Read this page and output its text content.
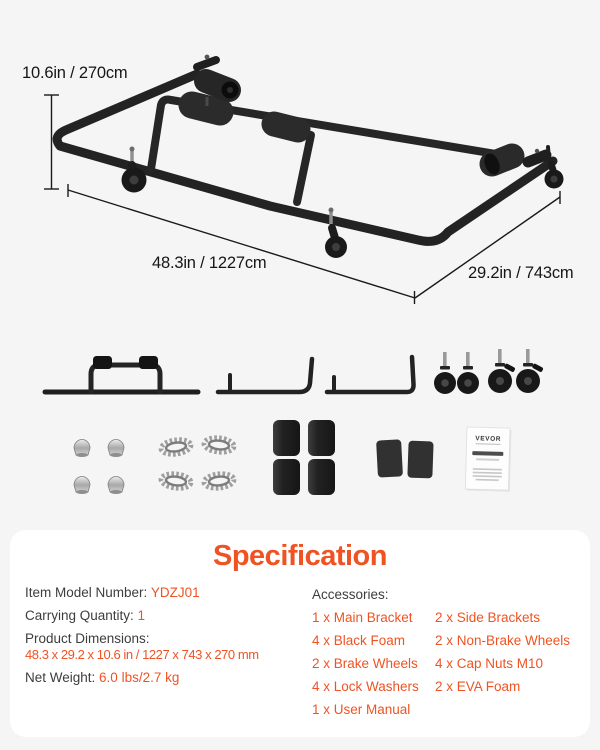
VEVOR
10.6in / 270cm
48.3in / 1227cm
29.2in / 743cm
Specification

Item Model Number: YDZJ01

Carrying Quantity: 1

Product Dimensions:

48.3 x 29.2 x 10.6 in / 1227 x 743 x 270 mm

Net Weight: 6.0 lbs/2.7 kg

Accessories:

1 x Main Bracket

4 x Black Foam

2 x Brake Wheels

4 x Lock Washers

1 x User Manual

2 x Side Brackets

2 x Non-Brake Wheels

4 x Cap Nuts M10

2 x EVA Foam
